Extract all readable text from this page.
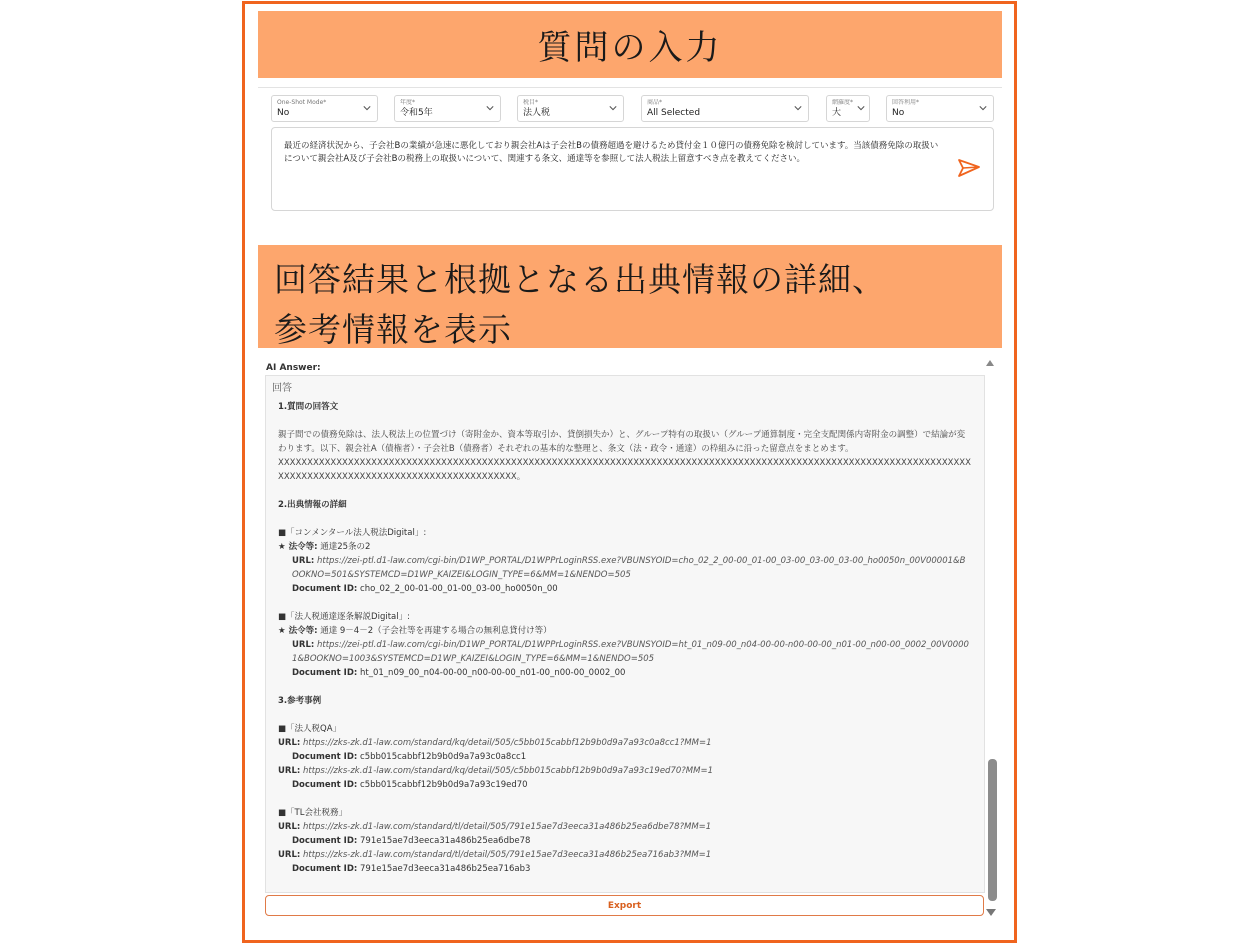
質問の入力
One-Shot Mode*
No
年度*
令和5年
税目*
法人税
商品*
All Selected
網羅度*
大
回答利用*
No
最近の経済状況から、子会社Bの業績が急速に悪化しており親会社Aは子会社Bの債務超過を避けるため貸付金１０億円の債務免除を検討しています。当該債務免除の取扱いについて親会社A及び子会社Bの税務上の取扱いについて、関連する条文、通達等を参照して法人税法上留意すべき点を教えてください。
回答結果と根拠となる出典情報の詳細、
参考情報を表示
AI Answer:
回答
1.質問の回答文
親子間での債務免除は、法人税法上の位置づけ（寄附金か、資本等取引か、貸倒損失か）と、グループ特有の取扱い（グループ通算制度・完全支配関係内寄附金の調整）で結論が変わります。以下、親会社A（債権者）・子会社B（債務者）それぞれの基本的な整理と、条文（法・政令・通達）の枠組みに沿った留意点をまとめます。
XXXXXXXXXXXXXXXXXXXXXXXXXXXXXXXXXXXXXXXXXXXXXXXXXXXXXXXXXXXXXXXXXXXXXXXXXXXXXXXXXXXXXXXXXXXXXXXXXXXXXXXXXXXXXXXXXXXXXXXXXXXXXXXXXXXXXXXXXXXXXXXXXXXXXXXXXXXXXXXX。
2.出典情報の詳細
■「コンメンタール法人税法Digital」:
★ 法令等: 通達25条の2
URL: https://zei-ptl.d1-law.com/cgi-bin/D1WP_PORTAL/D1WPPrLoginRSS.exe?VBUNSYOID=cho_02_2_00-00_01-00_03-00_03-00_03-00_ho0050n_00V00001&BOOKNO=501&SYSTEMCD=D1WP_KAIZEI&LOGIN_TYPE=6&MM=1&NENDO=505
Document ID: cho_02_2_00-01-00_01-00_03-00_ho0050n_00
■「法人税通達逐条解説Digital」:
★ 法令等: 通達 9－4－2（子会社等を再建する場合の無利息貸付け等）
URL: https://zei-ptl.d1-law.com/cgi-bin/D1WP_PORTAL/D1WPPrLoginRSS.exe?VBUNSYOID=ht_01_n09-00_n04-00-00-n00-00-00_n01-00_n00-00_0002_00V00001&BOOKNO=1003&SYSTEMCD=D1WP_KAIZEI&LOGIN_TYPE=6&MM=1&NENDO=505
Document ID: ht_01_n09_00_n04-00-00_n00-00-00_n01-00_n00-00_0002_00
3.参考事例
■「法人税QA」
URL: https://zks-zk.d1-law.com/standard/kq/detail/505/c5bb015cabbf12b9b0d9a7a93c0a8cc1?MM=1
Document ID: c5bb015cabbf12b9b0d9a7a93c0a8cc1
URL: https://zks-zk.d1-law.com/standard/kq/detail/505/c5bb015cabbf12b9b0d9a7a93c19ed70?MM=1
Document ID: c5bb015cabbf12b9b0d9a7a93c19ed70
■「TL会社税務」
URL: https://zks-zk.d1-law.com/standard/tl/detail/505/791e15ae7d3eeca31a486b25ea6dbe78?MM=1
Document ID: 791e15ae7d3eeca31a486b25ea6dbe78
URL: https://zks-zk.d1-law.com/standard/tl/detail/505/791e15ae7d3eeca31a486b25ea716ab3?MM=1
Document ID: 791e15ae7d3eeca31a486b25ea716ab3
Export
